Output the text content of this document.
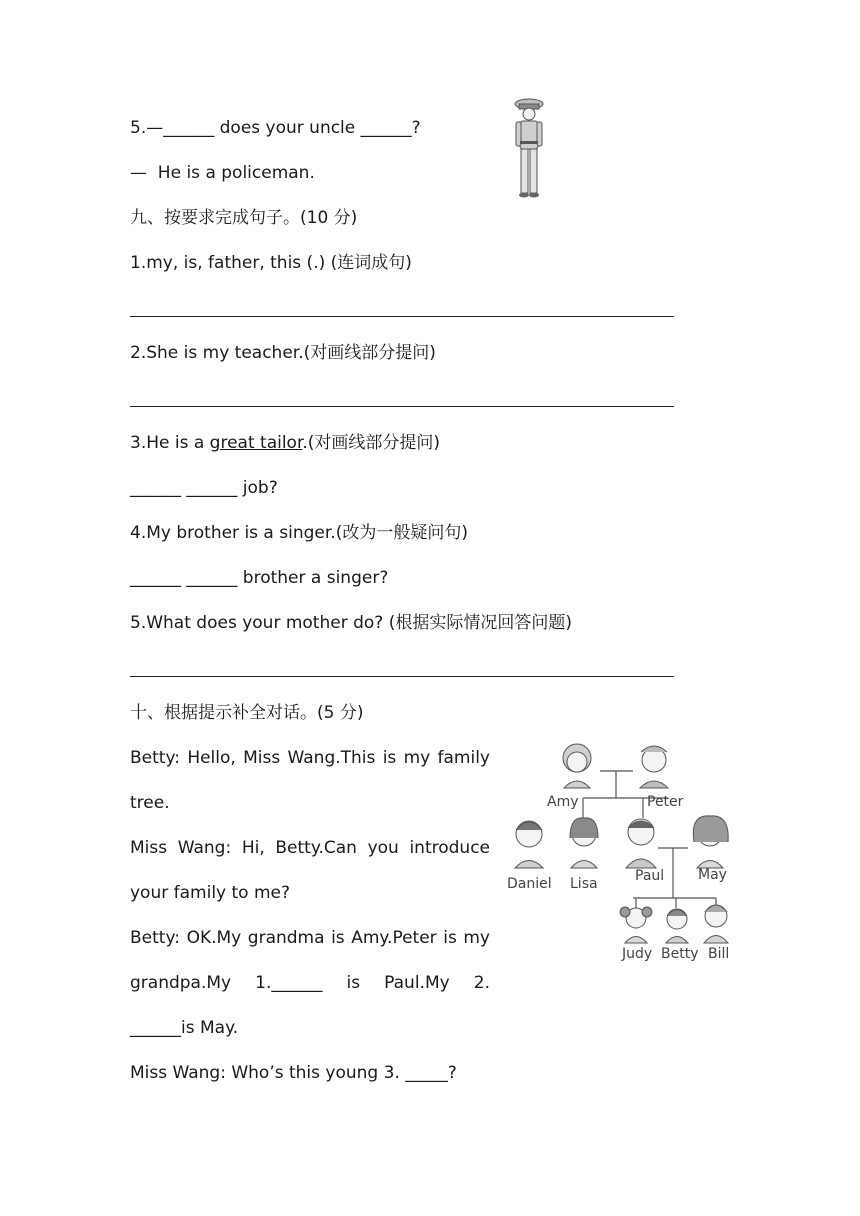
5.—______ does your uncle ______?
—  He is a policeman.
九、按要求完成句子。(10 分)
1.my, is, father, this (.) (连词成句)
2.She is my teacher.(对画线部分提问)
3.He is a great tailor.(对画线部分提问)
______ ______ job?
4.My brother is a singer.(改为一般疑问句)
______ ______ brother a singer?
5.What does your mother do? (根据实际情况回答问题)
十、根据提示补全对话。(5 分)
Betty: Hello, Miss Wang.This is my family
tree.
Miss Wang: Hi, Betty.Can you introduce
your family to me?
Betty: OK.My grandma is Amy.Peter is my
grandpa.My 1.______ is Paul.My 2.
______is May.
Miss Wang: Who’s this young 3. _____?
Amy	Peter
Daniel Lisa	Paul May
Judy Betty Bill
